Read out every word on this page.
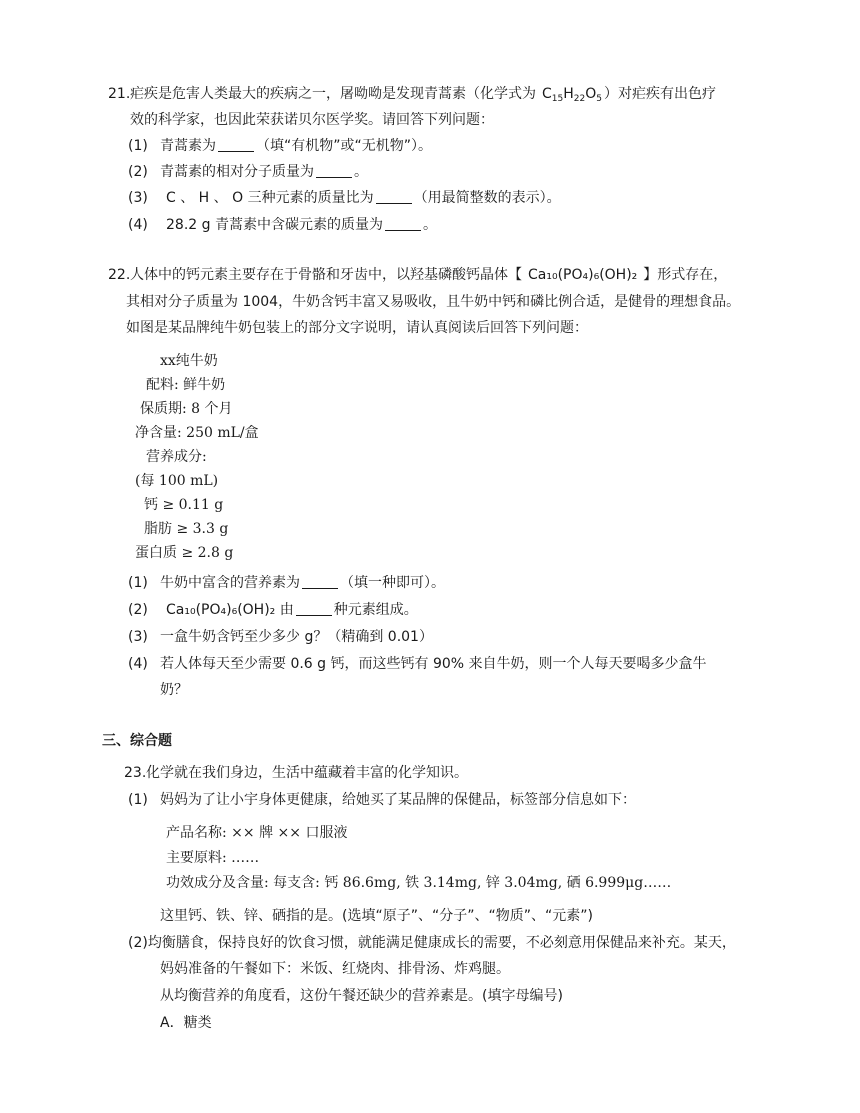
21. 疟疾是危害人类最大的疾病之一，屠呦呦是发现青蒿素（化学式为 $C_{15}H_{22}O_5$ ）对疟疾有出色疗
效的科学家，也因此荣获诺贝尔医学奖。请回答下列问题：
(1) 青蒿素为	（填“有机物”或“无机物”）。
(2) 青蒿素的相对分子质量为	。
(3)	C 、 H 、 O 三种元素的质量比为	（用最简整数的表示）。
(4)	28.2 g 青蒿素中含碳元素的质量为	。
22. 人体中的钙元素主要存在于骨骼和牙齿中，以羟基磷酸钙晶体【 Ca₁₀(PO₄)₆(OH)₂ 】形式存在，
其相对分子质量为 1004，牛奶含钙丰富又易吸收，且牛奶中钙和磷比例合适，是健骨的理想食品。
如图是某品牌纯牛奶包装上的部分文字说明，请认真阅读后回答下列问题：
xx纯牛奶
配料: 鲜牛奶
保质期: 8 个月
净含量: 250 mL/盒
营养成分:
(每 100 mL)
钙 ≥ 0.11 g
脂肪 ≥ 3.3 g
蛋白质 ≥ 2.8 g
(1) 牛奶中富含的营养素为	（填一种即可）。
(2)	Ca₁₀(PO₄)₆(OH)₂ 由	种元素组成。
(3) 一盒牛奶含钙至少多少 g？（精确到 0.01）
(4) 若人体每天至少需要 0.6 g 钙，而这些钙有 90% 来自牛奶，则一个人每天要喝多少盒牛
奶？
三、综合题
23. 化学就在我们身边，生活中蕴藏着丰富的化学知识。
(1) 妈妈为了让小宇身体更健康，给她买了某品牌的保健品，标签部分信息如下：
产品名称: ×× 牌 ×× 口服液
主要原料: ……
功效成分及含量: 每支含: 钙 86.6mg, 铁 3.14mg, 锌 3.04mg, 硒 6.999μg……
这里钙、铁、锌、硒指的是。(选填“原子”、“分子”、“物质”、“元素”)
(2)均衡膳食，保持良好的饮食习惯，就能满足健康成长的需要，不必刻意用保健品来补充。某天，
妈妈准备的午餐如下：米饭、红烧肉、排骨汤、炸鸡腿。
从均衡营养的角度看，这份午餐还缺少的营养素是。(填字母编号)
A．糖类
